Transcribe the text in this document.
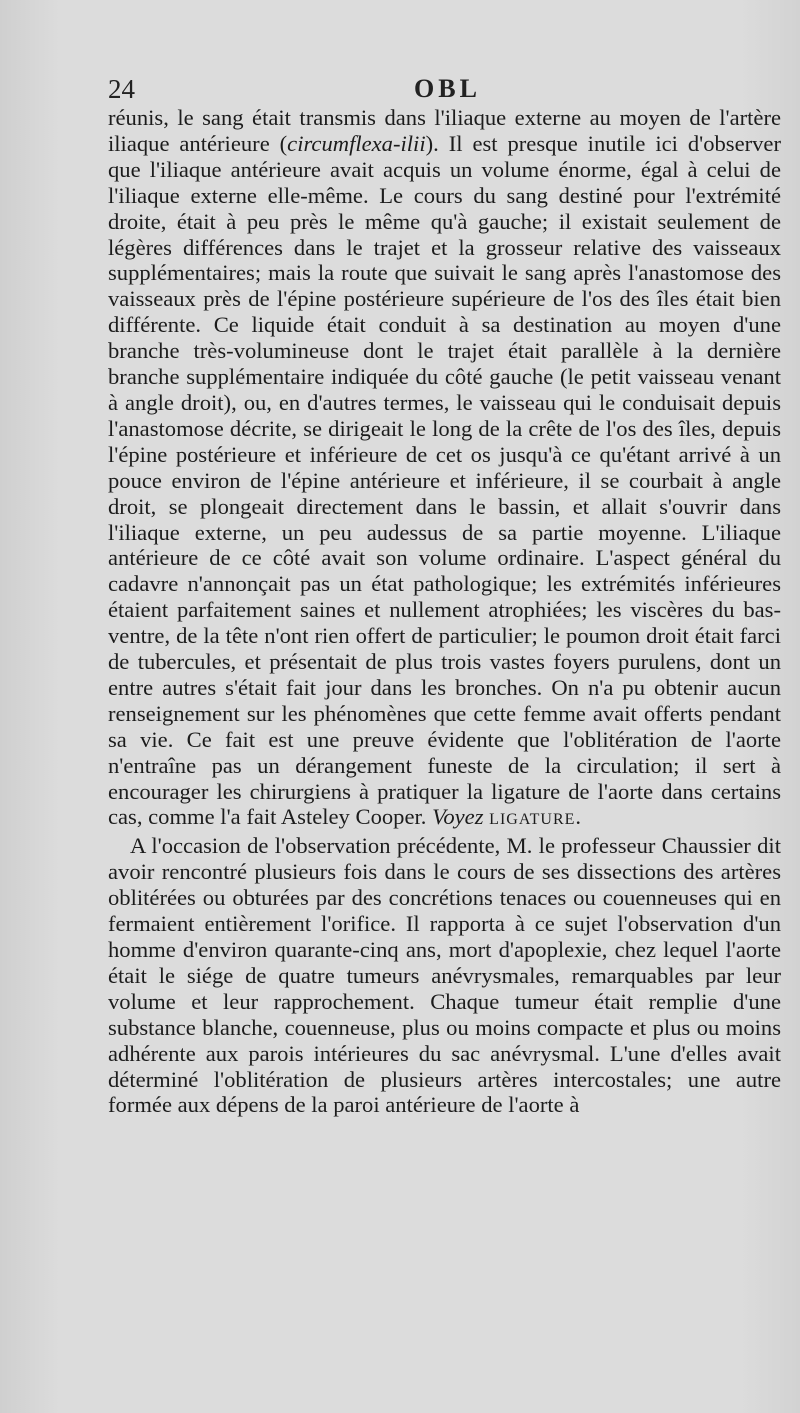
24	OBL

réunis, le sang était transmis dans l'iliaque externe au moyen de l'artère iliaque antérieure (circumflexa-ilii). Il est presque inutile ici d'observer que l'iliaque antérieure avait acquis un volume énorme, égal à celui de l'iliaque externe elle-même. Le cours du sang destiné pour l'extrémité droite, était à peu près le même qu'à gauche; il existait seulement de légères différences dans le trajet et la grosseur relative des vaisseaux supplémentaires; mais la route que suivait le sang après l'anastomose des vaisseaux près de l'épine postérieure supérieure de l'os des îles était bien différente. Ce liquide était conduit à sa destination au moyen d'une branche très-volumineuse dont le trajet était parallèle à la dernière branche supplémentaire indiquée du côté gauche (le petit vaisseau venant à angle droit), ou, en d'autres termes, le vaisseau qui le conduisait depuis l'anastomose décrite, se dirigeait le long de la crête de l'os des îles, depuis l'épine postérieure et inférieure de cet os jusqu'à ce qu'étant arrivé à un pouce environ de l'épine antérieure et inférieure, il se courbait à angle droit, se plongeait directement dans le bassin, et allait s'ouvrir dans l'iliaque externe, un peu audessus de sa partie moyenne. L'iliaque antérieure de ce côté avait son volume ordinaire. L'aspect général du cadavre n'annonçait pas un état pathologique; les extrémités inférieures étaient parfaitement saines et nullement atrophiées; les viscères du bas-ventre, de la tête n'ont rien offert de particulier; le poumon droit était farci de tubercules, et présentait de plus trois vastes foyers purulens, dont un entre autres s'était fait jour dans les bronches. On n'a pu obtenir aucun renseignement sur les phénomènes que cette femme avait offerts pendant sa vie. Ce fait est une preuve évidente que l'oblitération de l'aorte n'entraîne pas un dérangement funeste de la circulation; il sert à encourager les chirurgiens à pratiquer la ligature de l'aorte dans certains cas, comme l'a fait Asteley Cooper. Voyez LIGATURE.

A l'occasion de l'observation précédente, M. le professeur Chaussier dit avoir rencontré plusieurs fois dans le cours de ses dissections des artères oblitérées ou obturées par des concrétions tenaces ou couenneuses qui en fermaient entièrement l'orifice. Il rapporta à ce sujet l'observation d'un homme d'environ quarante-cinq ans, mort d'apoplexie, chez lequel l'aorte était le siége de quatre tumeurs anévrysmales, remarquables par leur volume et leur rapprochement. Chaque tumeur était remplie d'une substance blanche, couenneuse, plus ou moins compacte et plus ou moins adhérente aux parois intérieures du sac anévrysmal. L'une d'elles avait déterminé l'oblitération de plusieurs artères intercostales; une autre formée aux dépens de la paroi antérieure de l'aorte à
